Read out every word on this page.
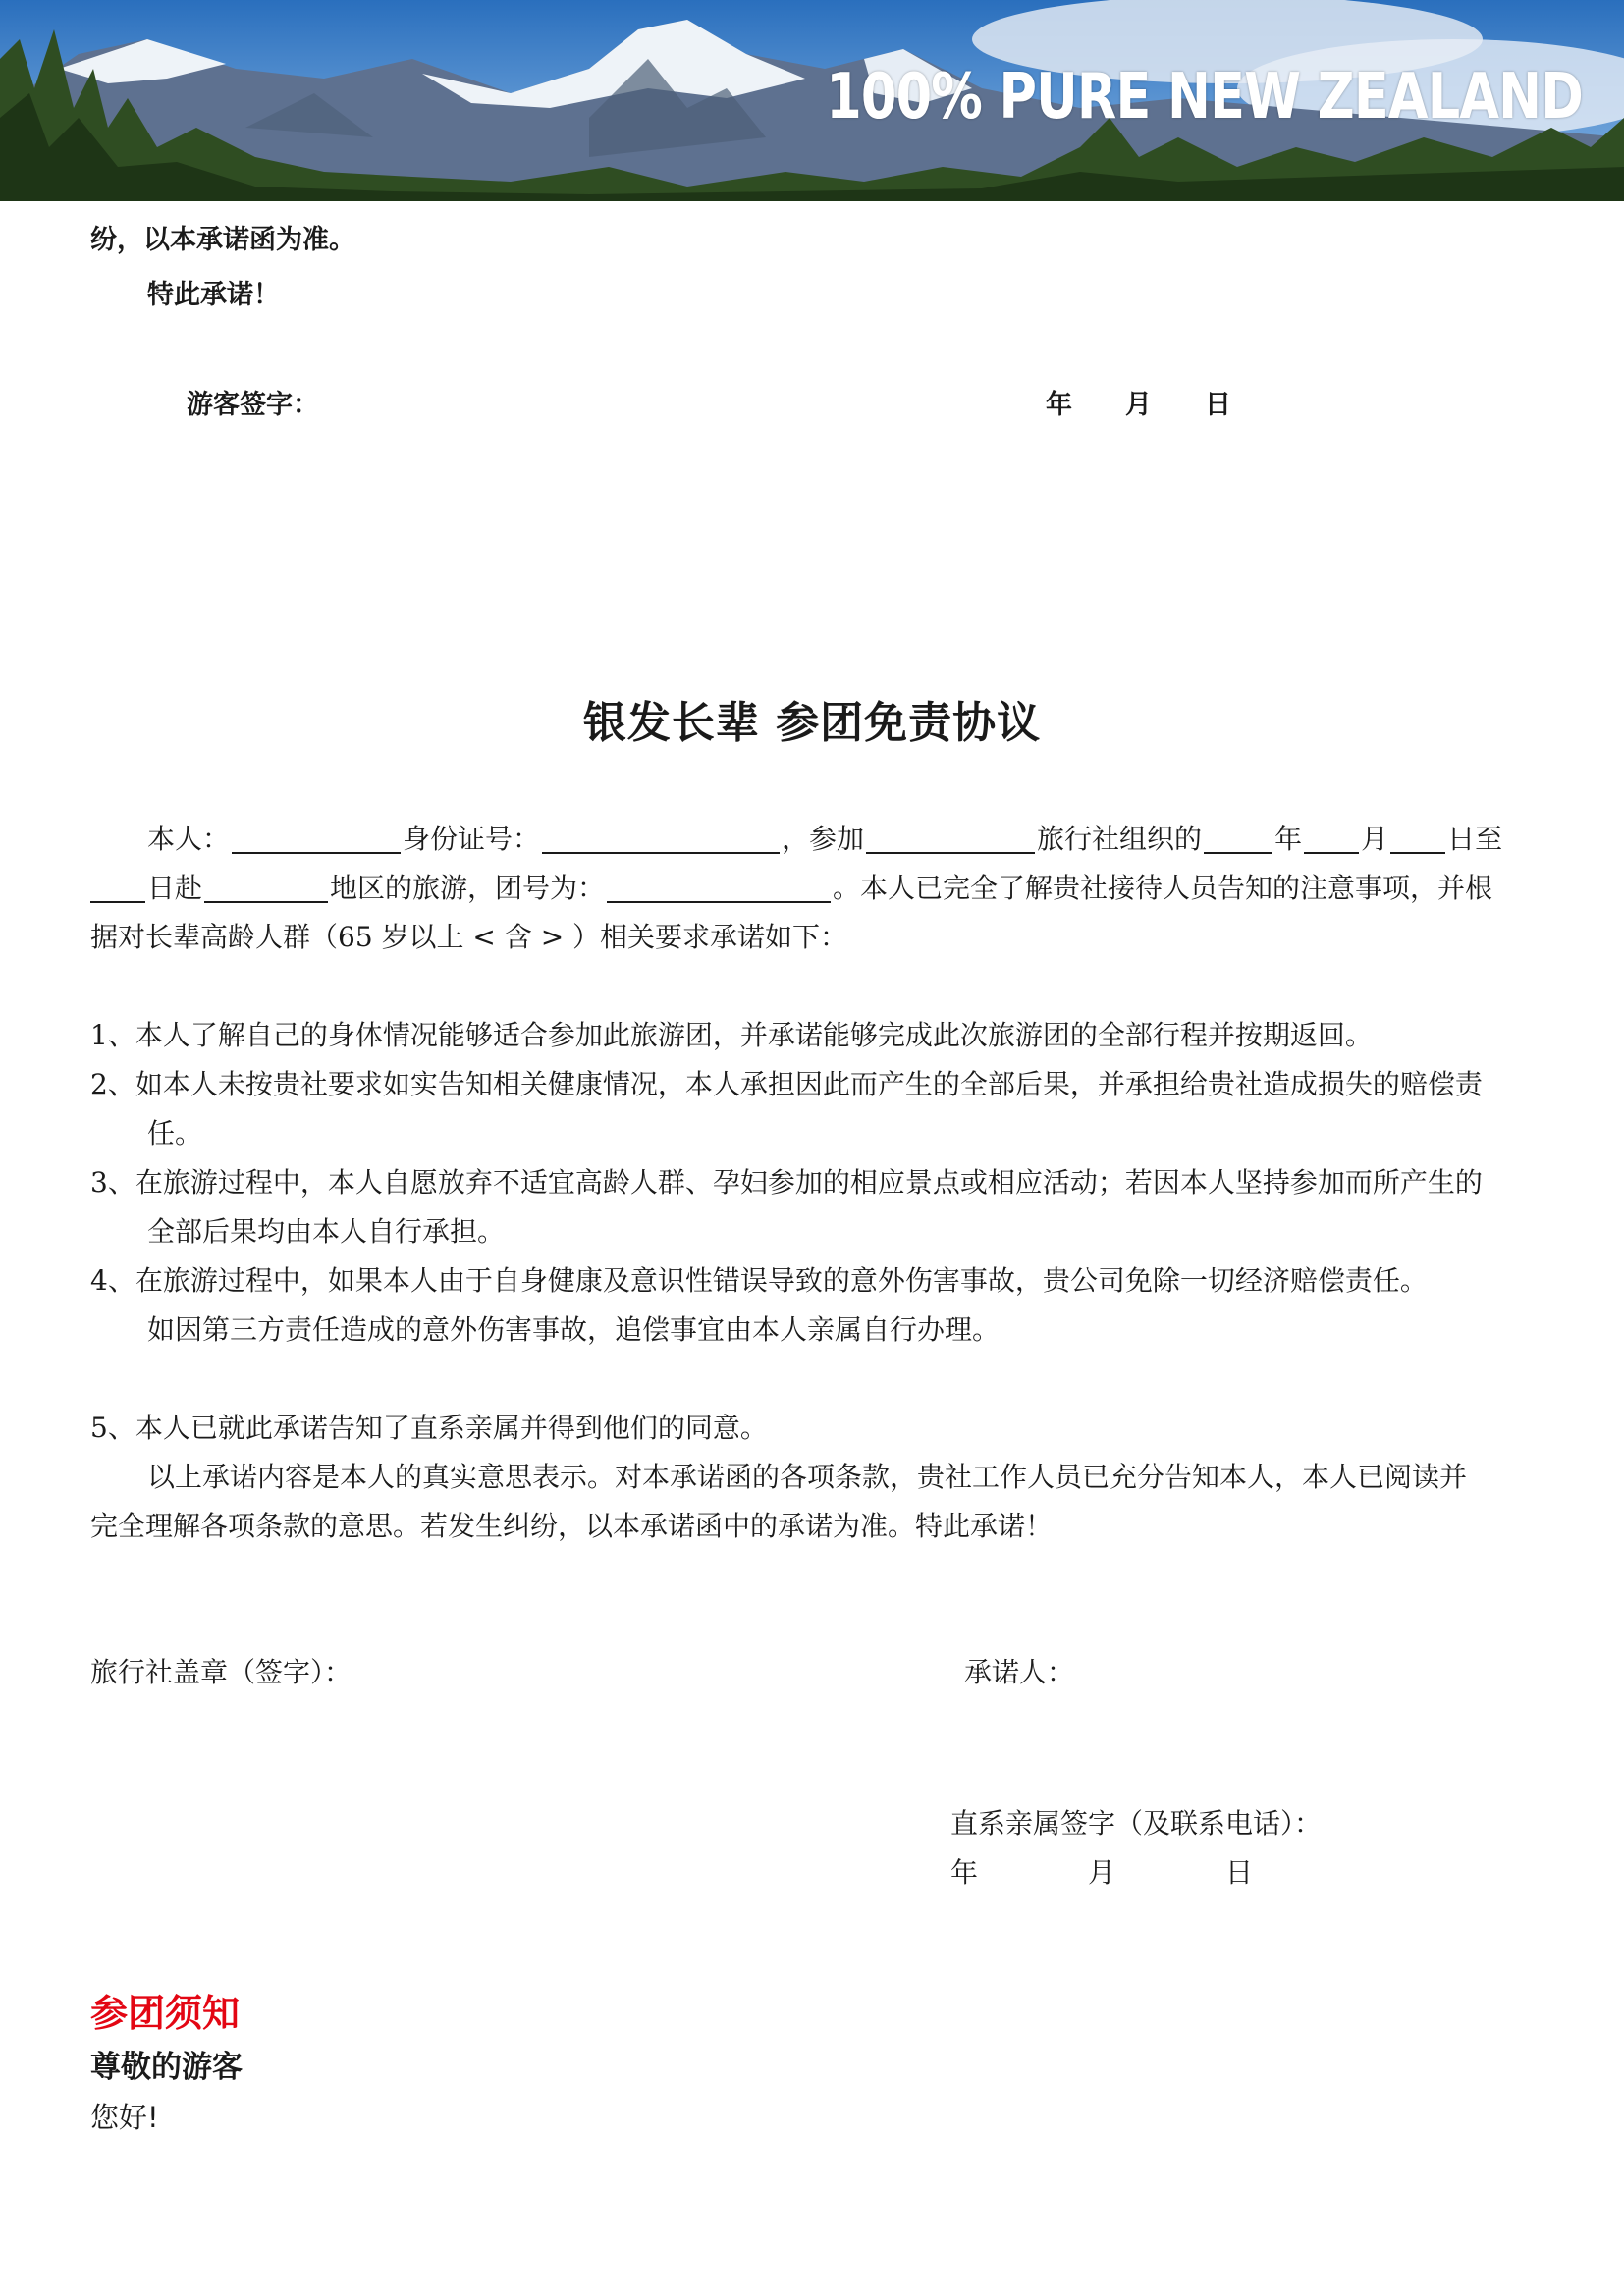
100% PURE NEW ZEALAND
纷，以本承诺函为准。
特此承诺！
游客签字：	年　　月　　日
银发长辈 参团免责协议
本人：	身份证号：	，参加	旅行社组织的	年 月 日至
日赴	地区的旅游，团号为：	。本人已完全了解贵社接待人员告知的注意事项，并根
据对长辈高龄人群（65 岁以上 < 含 > ）相关要求承诺如下：
1、本人了解自己的身体情况能够适合参加此旅游团，并承诺能够完成此次旅游团的全部行程并按期返回。
2、如本人未按贵社要求如实告知相关健康情况，本人承担因此而产生的全部后果，并承担给贵社造成损失的赔偿责
任。
3、在旅游过程中，本人自愿放弃不适宜高龄人群、孕妇参加的相应景点或相应活动；若因本人坚持参加而所产生的
全部后果均由本人自行承担。
4、在旅游过程中，如果本人由于自身健康及意识性错误导致的意外伤害事故，贵公司免除一切经济赔偿责任。
如因第三方责任造成的意外伤害事故，追偿事宜由本人亲属自行办理。
5、本人已就此承诺告知了直系亲属并得到他们的同意。
以上承诺内容是本人的真实意思表示。对本承诺函的各项条款，贵社工作人员已充分告知本人，本人已阅读并
完全理解各项条款的意思。若发生纠纷，以本承诺函中的承诺为准。特此承诺！
旅行社盖章（签字）：	承诺人：
直系亲属签字（及联系电话）：
年　　　　月　　　　日
参团须知
尊敬的游客
您好!
